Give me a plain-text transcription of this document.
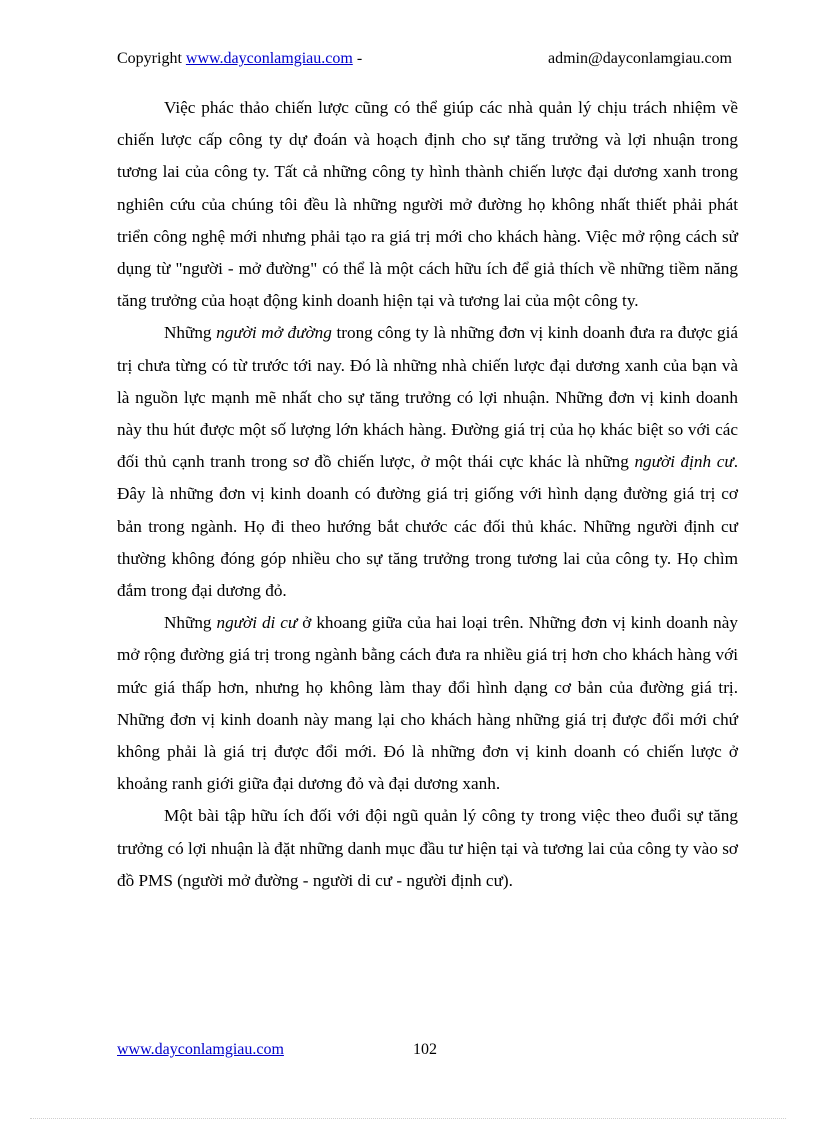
Copyright www.dayconlamgiau.com -	admin@dayconlamgiau.com

Việc phác thảo chiến lược cũng có thể giúp các nhà quản lý chịu trách nhiệm về chiến lược cấp công ty dự đoán và hoạch định cho sự tăng trưởng và lợi nhuận trong tương lai của công ty. Tất cả những công ty hình thành chiến lược đại dương xanh trong nghiên cứu của chúng tôi đều là những người mở đường họ không nhất thiết phải phát triển công nghệ mới nhưng phải tạo ra giá trị mới cho khách hàng. Việc mở rộng cách sử dụng từ "người - mở đường" có thể là một cách hữu ích để giả thích về những tiềm năng tăng trưởng của hoạt động kinh doanh hiện tại và tương lai của một công ty.

Những người mở đường trong công ty là những đơn vị kinh doanh đưa ra được giá trị chưa từng có từ trước tới nay. Đó là những nhà chiến lược đại dương xanh của bạn và là nguồn lực mạnh mẽ nhất cho sự tăng trưởng có lợi nhuận. Những đơn vị kinh doanh này thu hút được một số lượng lớn khách hàng. Đường giá trị của họ khác biệt so với các đối thủ cạnh tranh trong sơ đồ chiến lược, ở một thái cực khác là những người định cư. Đây là những đơn vị kinh doanh có đường giá trị giống với hình dạng đường giá trị cơ bản trong ngành. Họ đi theo hướng bắt chước các đối thủ khác. Những người định cư thường không đóng góp nhiều cho sự tăng trưởng trong tương lai của công ty. Họ chìm đắm trong đại dương đỏ.

Những người di cư ở khoang giữa của hai loại trên. Những đơn vị kinh doanh này mở rộng đường giá trị trong ngành bằng cách đưa ra nhiều giá trị hơn cho khách hàng với mức giá thấp hơn, nhưng họ không làm thay đổi hình dạng cơ bản của đường giá trị. Những đơn vị kinh doanh này mang lại cho khách hàng những giá trị được đổi mới chứ không phải là giá trị được đổi mới. Đó là những đơn vị kinh doanh có chiến lược ở khoảng ranh giới giữa đại dương đỏ và đại dương xanh.

Một bài tập hữu ích đối với đội ngũ quản lý công ty trong việc theo đuổi sự tăng trưởng có lợi nhuận là đặt những danh mục đầu tư hiện tại và tương lai của công ty vào sơ đồ PMS (người mở đường - người di cư - người định cư).

www.dayconlamgiau.com	102
